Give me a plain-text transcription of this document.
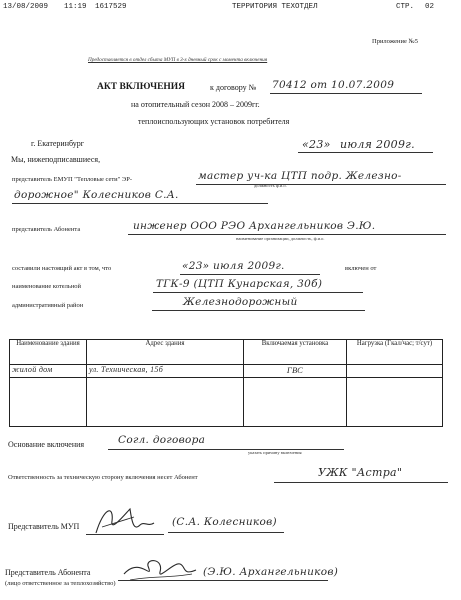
13/08/2009 11:19 1617529	ТЕРРИТОРИЯ ТЕХОТДЕЛ	СТР. 02
Приложение №5
Предоставляется в отдел сбыта МУП в 3-х дневный срок с момента включения
АКТ ВКЛЮЧЕНИЯ	к договору № 70412 от 10.07.2009
на отопительный сезон 2008 – 2009гг.
теплоиспользующих установок потребителя
г. Екатеринбург	«23» июля 2009г.
Мы, нижеподписавшиеся,
представитель ЕМУП "Тепловые сети" ЭР-	мастер уч-ка ЦТП подр. Железно-
должность ф.и.о.
дорожное" Колесников С.А.
представитель Абонента	инженер ООО РЭО Архангельников Э.Ю.
наименование организации, должность, ф.и.о.
составили настоящий акт в том, что	«23» июля 2009г.	включен от
наименование котельной	ТГК-9 (ЦТП Кунарская, 30б)
административный район	Железнодорожный
Наименование здания	Адрес здания	Включаемая установка	Нагрузка (Гкал/час; т/сут)
жилой дом	ул. Техническая, 15б	ГВС	

Основание включения	Согл. договора
указать причину включения
Ответственность за техническую сторону включения несет Абонент	УЖК "Астра"
Представитель МУП	(С.А. Колесников)
Представитель Абонента
(лицо ответственное за теплохозяйство)
(Э.Ю. Архангельников)
